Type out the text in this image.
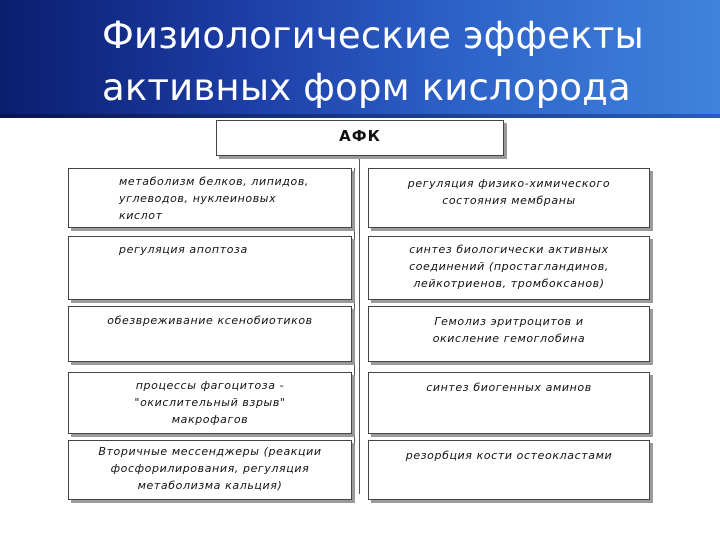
Физиологические эффекты
активных форм кислорода
АФК
метаболизм белков, липидов, углеводов, нуклеиновых кислот
регуляция апоптоза
обезвреживание ксенобиотиков
процессы фагоцитоза - "окислительный взрыв" макрофагов
Вторичные мессенджеры (реакции фосфорилирования, регуляция метаболизма кальция)
регуляция физико-химического состояния мембраны
синтез биологически активных соединений (простагландинов, лейкотриенов, тромбоксанов)
Гемолиз эритроцитов и окисление гемоглобина
синтез биогенных аминов
резорбция кости остеокластами
